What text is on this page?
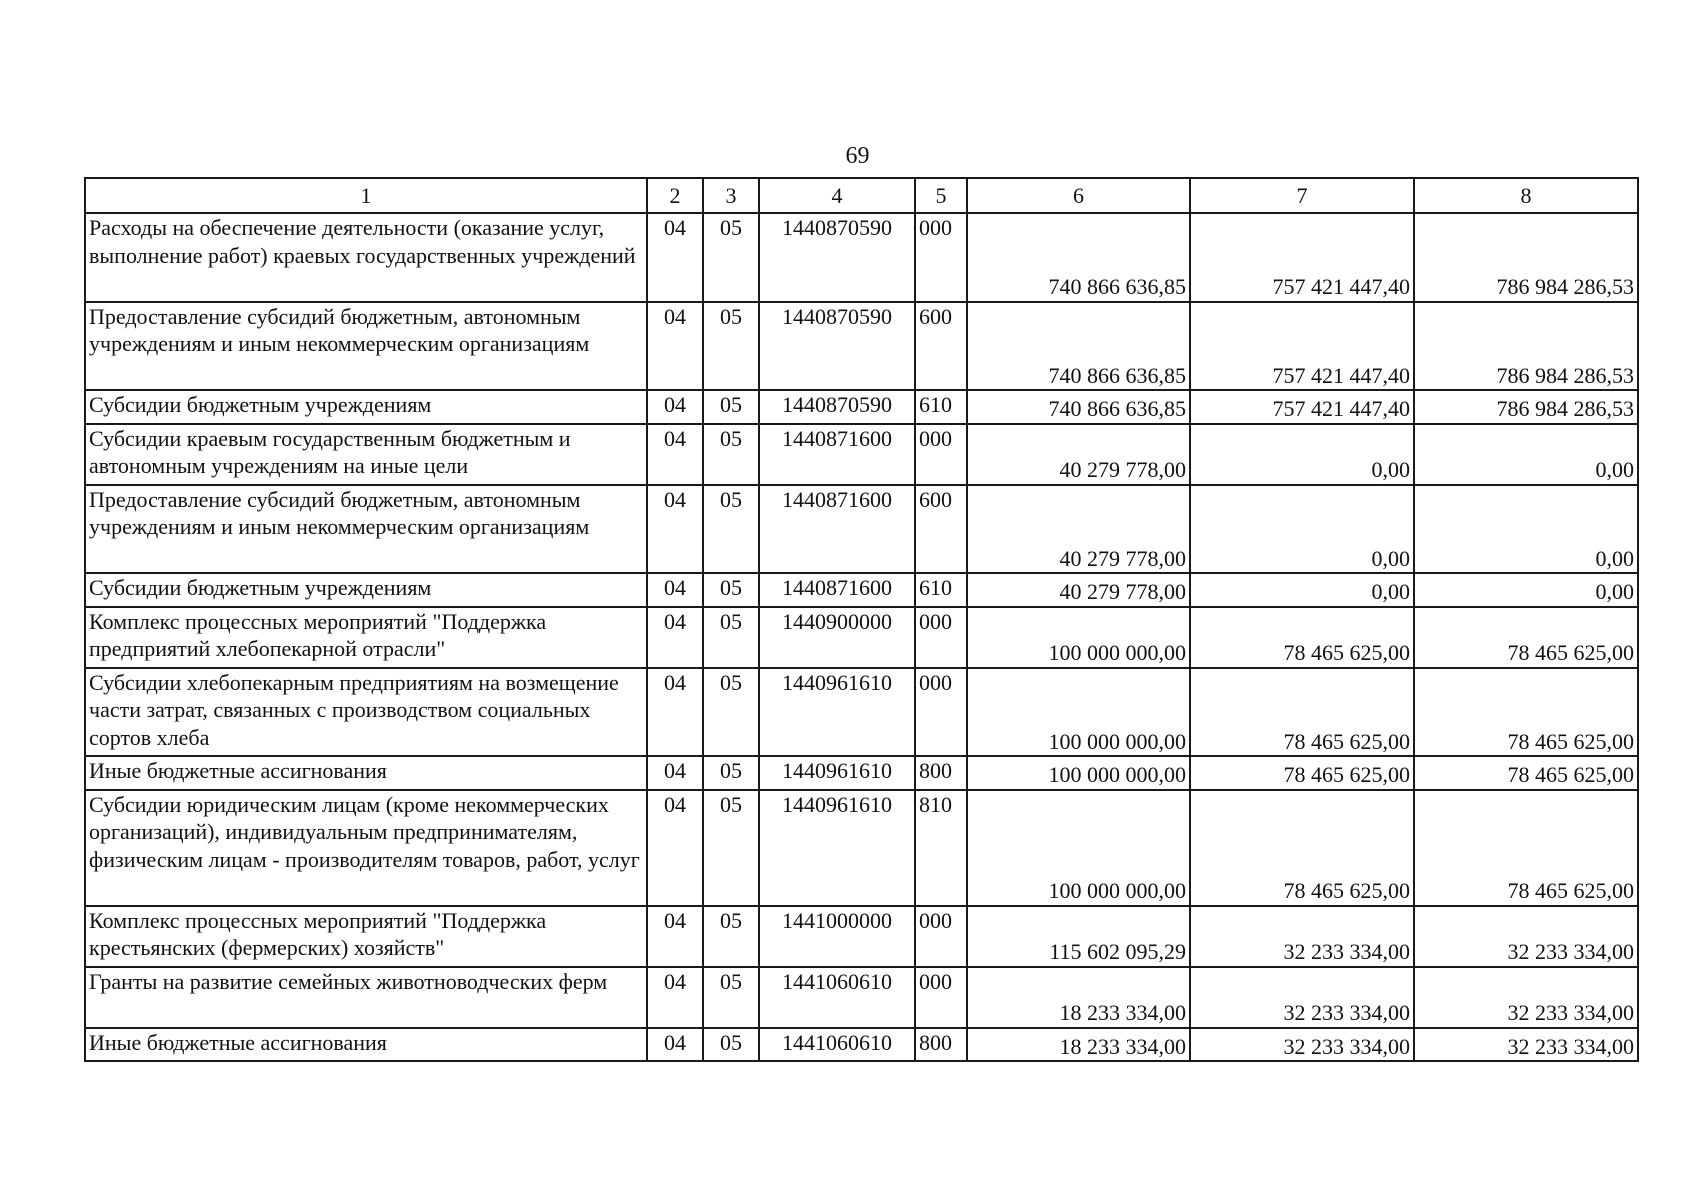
69
1	2	3	4	5	6	7	8
Расходы на обеспечение деятельности (оказание услуг, выполнение работ) краевых государственных учреждений	04	05	1440870590	000	740 866 636,85	757 421 447,40	786 984 286,53
Предоставление субсидий бюджетным, автономным учреждениям и иным некоммерческим организациям	04	05	1440870590	600	740 866 636,85	757 421 447,40	786 984 286,53
Субсидии бюджетным учреждениям	04	05	1440870590	610	740 866 636,85	757 421 447,40	786 984 286,53
Субсидии краевым государственным бюджетным и автономным учреждениям на иные цели	04	05	1440871600	000	40 279 778,00	0,00	0,00
Предоставление субсидий бюджетным, автономным учреждениям и иным некоммерческим организациям	04	05	1440871600	600	40 279 778,00	0,00	0,00
Субсидии бюджетным учреждениям	04	05	1440871600	610	40 279 778,00	0,00	0,00
Комплекс процессных мероприятий "Поддержка предприятий хлебопекарной отрасли"	04	05	1440900000	000	100 000 000,00	78 465 625,00	78 465 625,00
Субсидии хлебопекарным предприятиям на возмещение части затрат, связанных с производством социальных сортов хлеба	04	05	1440961610	000	100 000 000,00	78 465 625,00	78 465 625,00
Иные бюджетные ассигнования	04	05	1440961610	800	100 000 000,00	78 465 625,00	78 465 625,00
Субсидии юридическим лицам (кроме некоммерческих организаций), индивидуальным предпринимателям, физическим лицам - производителям товаров, работ, услуг	04	05	1440961610	810	100 000 000,00	78 465 625,00	78 465 625,00
Комплекс процессных мероприятий "Поддержка крестьянских (фермерских) хозяйств"	04	05	1441000000	000	115 602 095,29	32 233 334,00	32 233 334,00
Гранты на развитие семейных животноводческих ферм	04	05	1441060610	000	18 233 334,00	32 233 334,00	32 233 334,00
Иные бюджетные ассигнования	04	05	1441060610	800	18 233 334,00	32 233 334,00	32 233 334,00
